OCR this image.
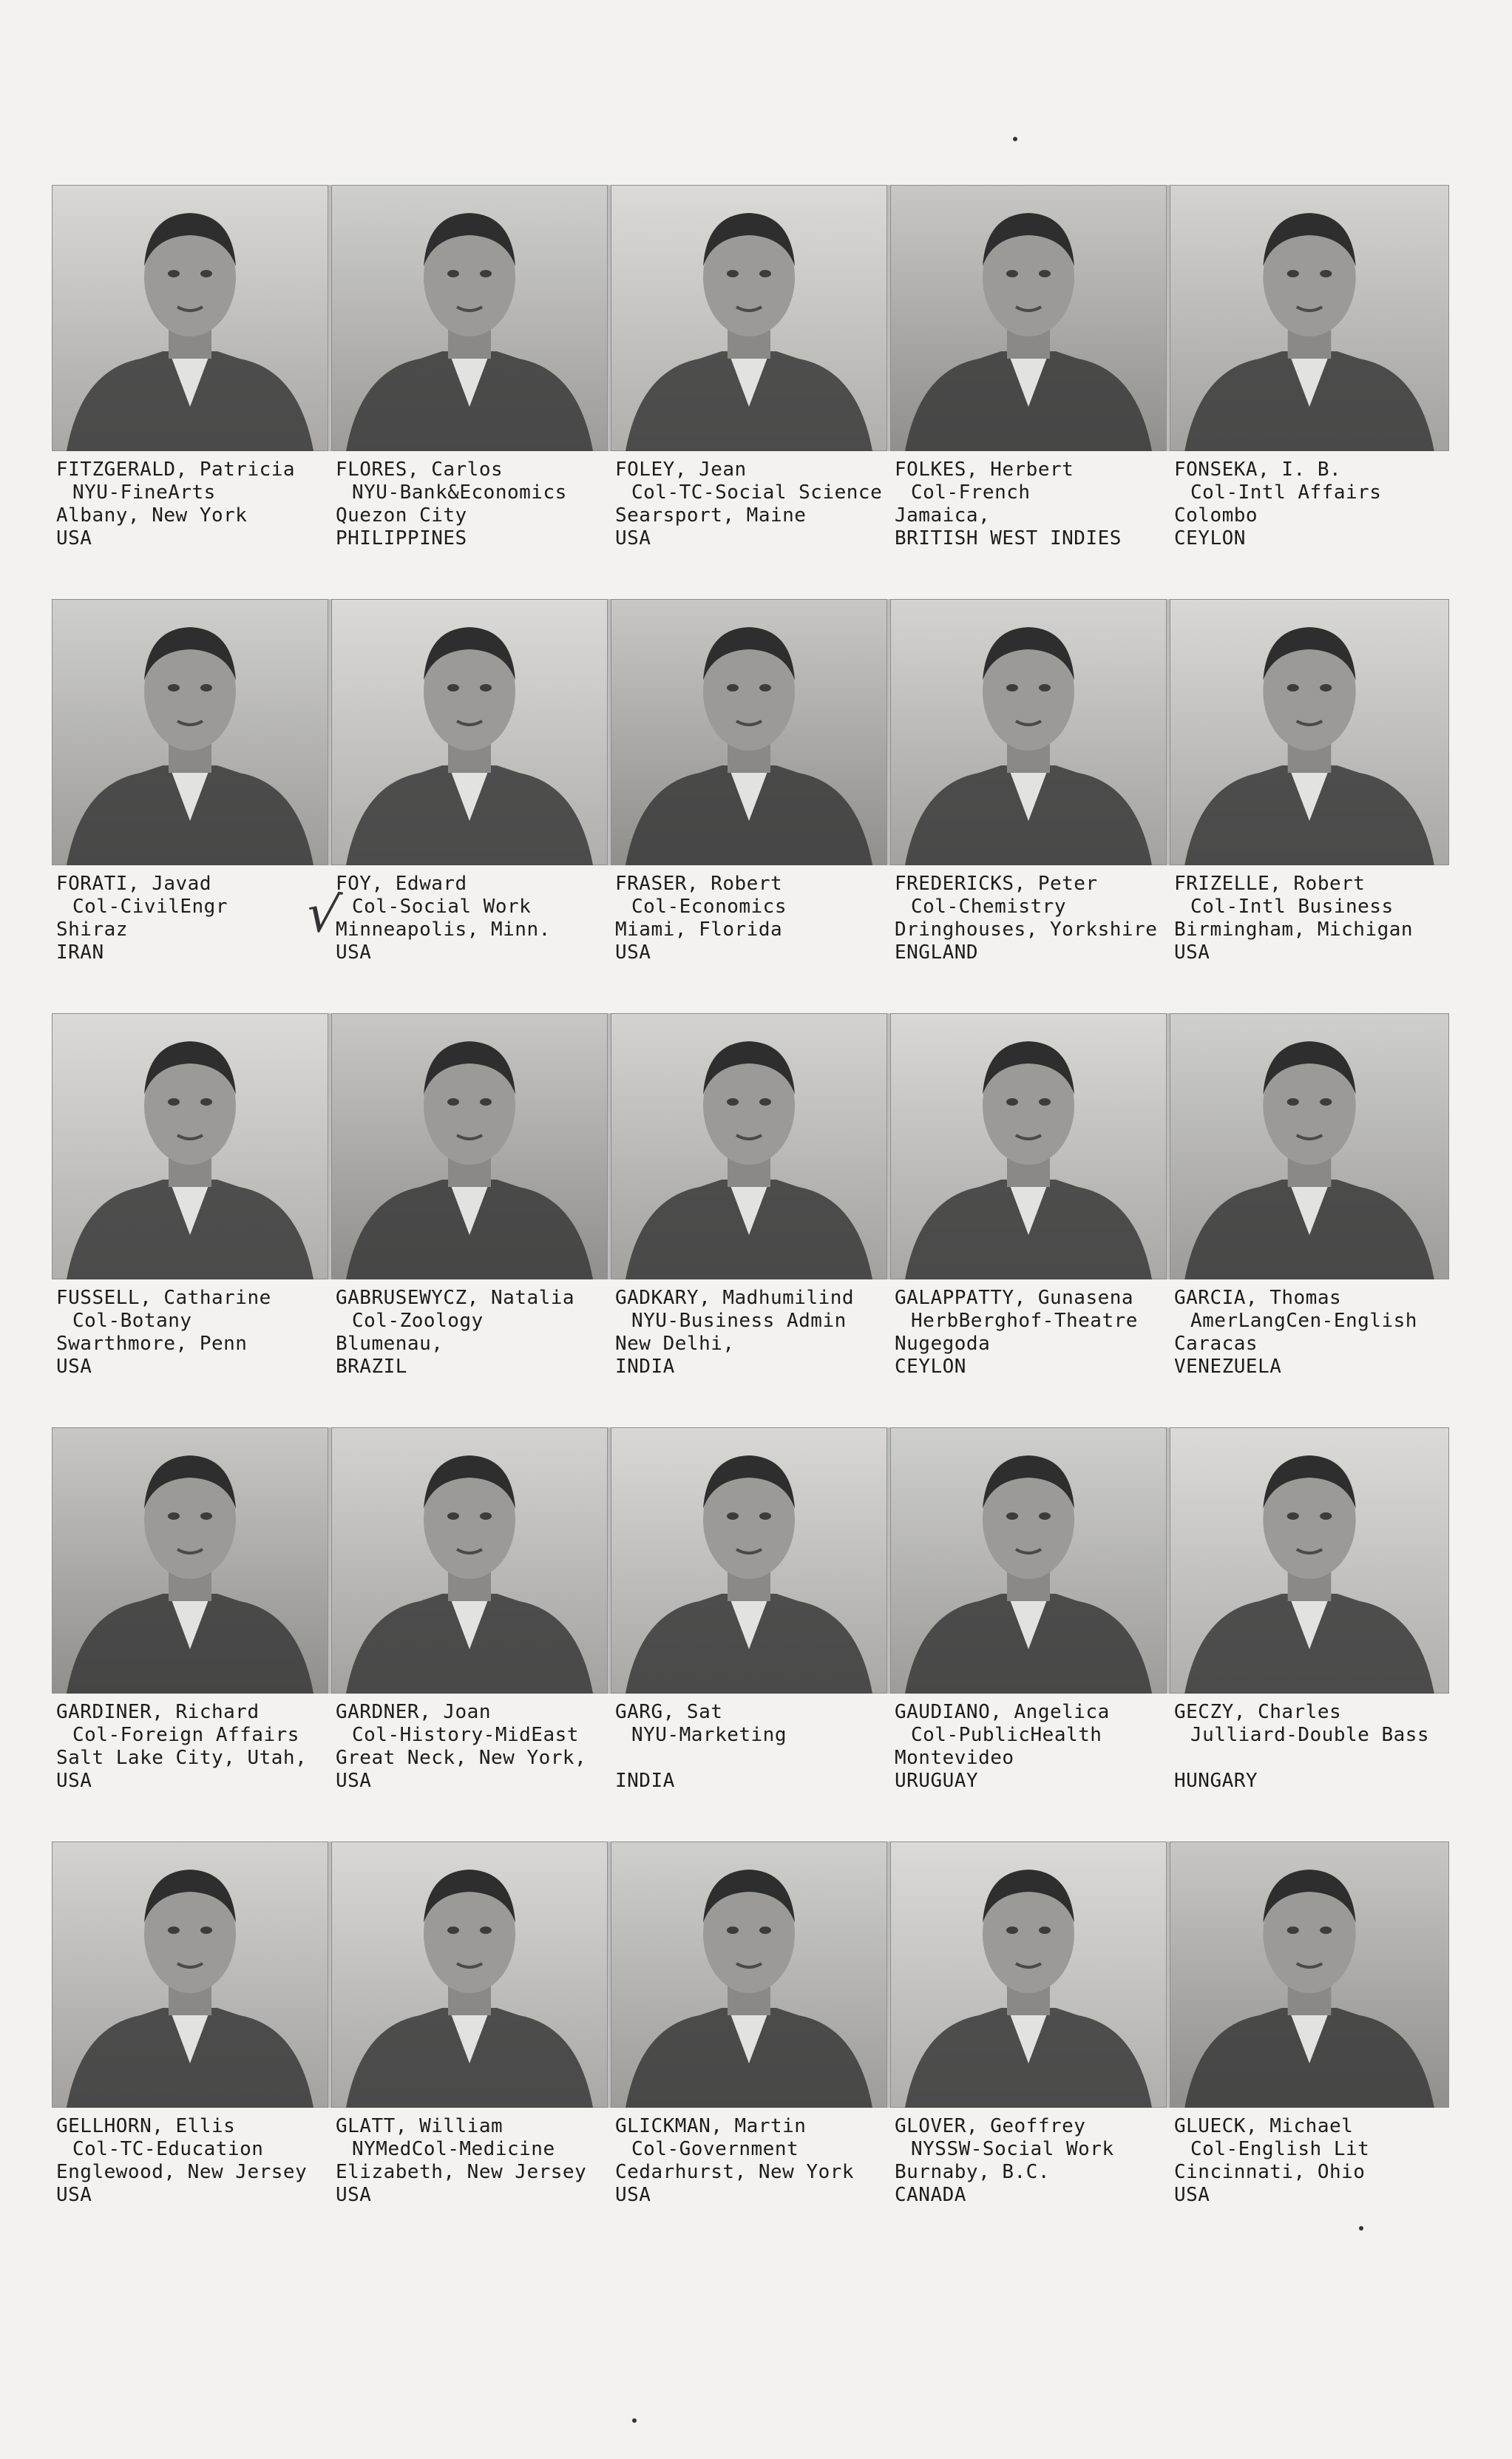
FITZGERALD, Patricia
NYU-FineArts
Albany, New York
USA
FLORES, Carlos
NYU-Bank&Economics
Quezon City
PHILIPPINES
FOLEY, Jean
Col-TC-Social Science
Searsport, Maine
USA
FOLKES, Herbert
Col-French
Jamaica,
BRITISH WEST INDIES
FONSEKA, I. B.
Col-Intl Affairs
Colombo
CEYLON
FORATI, Javad
Col-CivilEngr
Shiraz
IRAN
FOY, Edward
Col-Social Work
Minneapolis, Minn.
USA
FRASER, Robert
Col-Economics
Miami, Florida
USA
FREDERICKS, Peter
Col-Chemistry
Dringhouses, Yorkshire
ENGLAND
FRIZELLE, Robert
Col-Intl Business
Birmingham, Michigan
USA
FUSSELL, Catharine
Col-Botany
Swarthmore, Penn
USA
GABRUSEWYCZ, Natalia
Col-Zoology
Blumenau,
BRAZIL
GADKARY, Madhumilind
NYU-Business Admin
New Delhi,
INDIA
GALAPPATTY, Gunasena
HerbBerghof-Theatre
Nugegoda
CEYLON
GARCIA, Thomas
AmerLangCen-English
Caracas
VENEZUELA
GARDINER, Richard
Col-Foreign Affairs
Salt Lake City, Utah,
USA
GARDNER, Joan
Col-History-MidEast
Great Neck, New York,
USA
GARG, Sat
NYU-Marketing
INDIA
GAUDIANO, Angelica
Col-PublicHealth
Montevideo
URUGUAY
GECZY, Charles
Julliard-Double Bass
HUNGARY
GELLHORN, Ellis
Col-TC-Education
Englewood, New Jersey
USA
GLATT, William
NYMedCol-Medicine
Elizabeth, New Jersey
USA
GLICKMAN, Martin
Col-Government
Cedarhurst, New York
USA
GLOVER, Geoffrey
NYSSW-Social Work
Burnaby, B.C.
CANADA
GLUECK, Michael
Col-English Lit
Cincinnati, Ohio
USA
√
